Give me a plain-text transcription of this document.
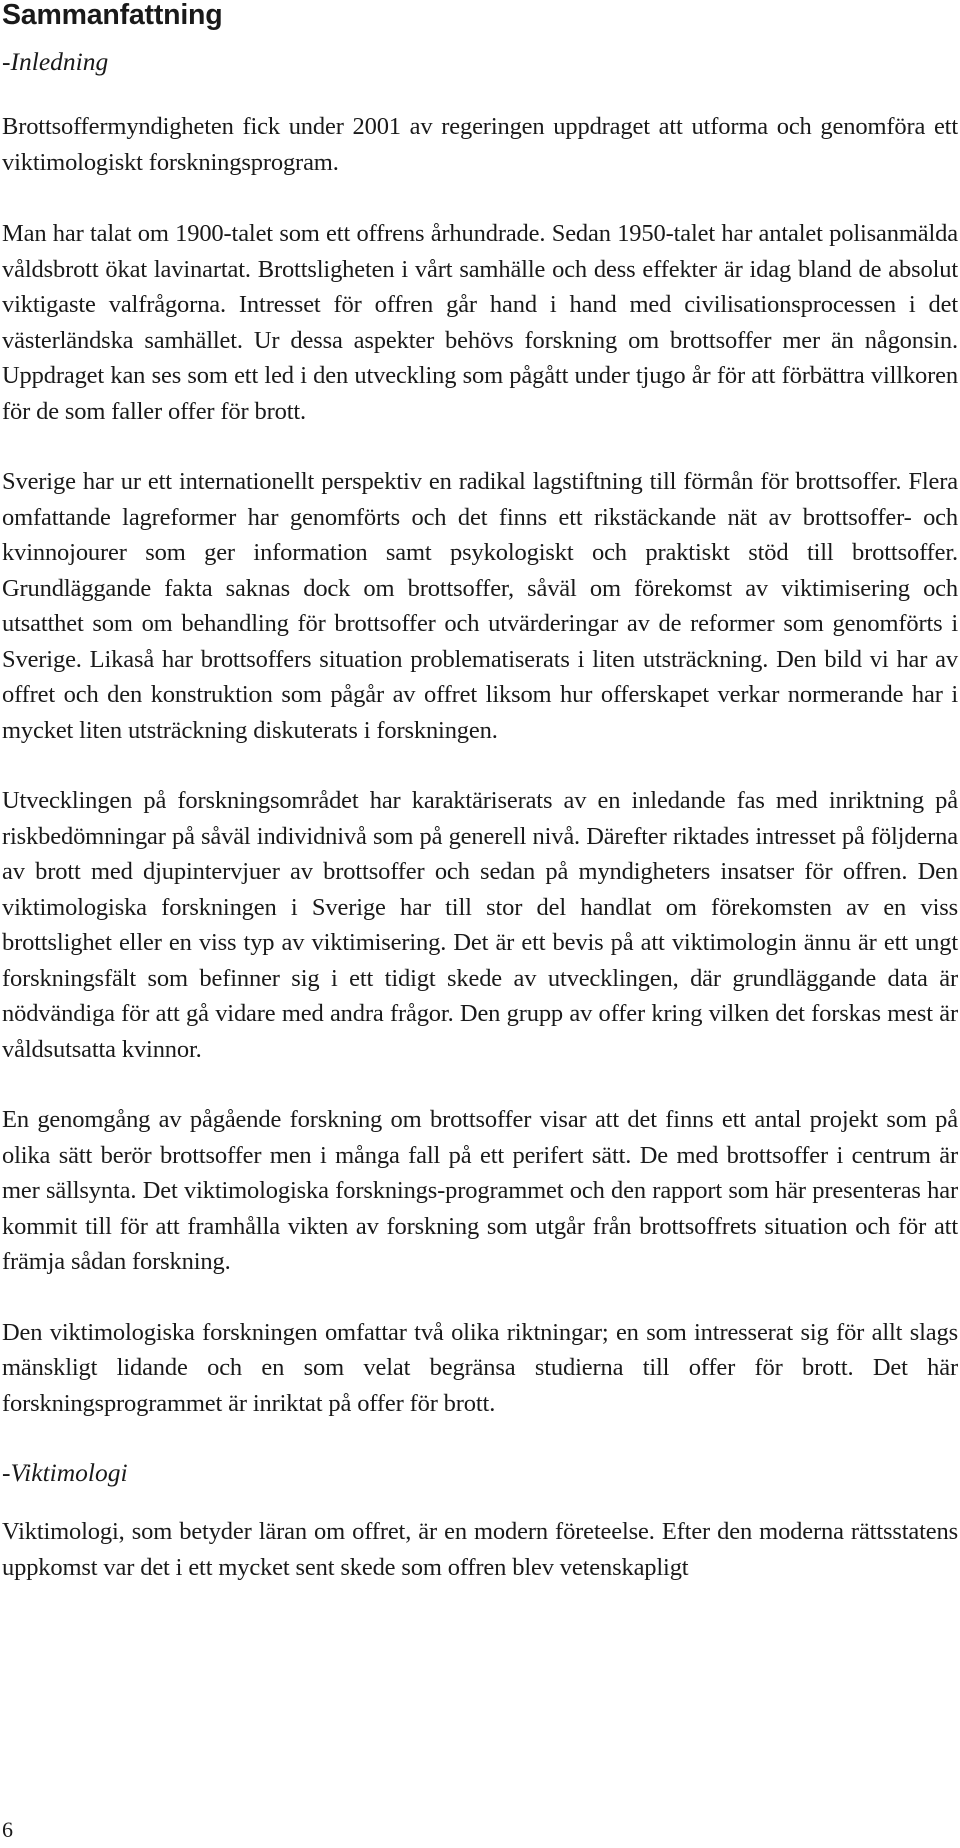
Sammanfattning
-Inledning

Brottsoffermyndigheten fick under 2001 av regeringen uppdraget att utforma och genomföra ett viktimologiskt forskningsprogram.

Man har talat om 1900-talet som ett offrens århundrade. Sedan 1950-talet har antalet polisanmälda våldsbrott ökat lavinartat. Brottsligheten i vårt samhälle och dess effekter är idag bland de absolut viktigaste valfrågorna. Intresset för offren går hand i hand med civilisationsprocessen i det västerländska samhället. Ur dessa aspekter behövs forskning om brottsoffer mer än någonsin. Uppdraget kan ses som ett led i den utveckling som pågått under tjugo år för att förbättra villkoren för de som faller offer för brott.

Sverige har ur ett internationellt perspektiv en radikal lagstiftning till förmån för brottsoffer. Flera omfattande lagreformer har genomförts och det finns ett rikstäckande nät av brottsoffer- och kvinnojourer som ger information samt psykologiskt och praktiskt stöd till brottsoffer. Grundläggande fakta saknas dock om brottsoffer, såväl om förekomst av viktimisering och utsatthet som om behandling för brottsoffer och utvärderingar av de reformer som genomförts i Sverige. Likaså har brottsoffers situation problematiserats i liten utsträckning. Den bild vi har av offret och den konstruktion som pågår av offret liksom hur offerskapet verkar normerande har i mycket liten utsträckning diskuterats i forskningen.

Utvecklingen på forskningsområdet har karaktäriserats av en inledande fas med inriktning på riskbedömningar på såväl individnivå som på generell nivå. Därefter riktades intresset på följderna av brott med djupintervjuer av brottsoffer och sedan på myndigheters insatser för offren. Den viktimologiska forskningen i Sverige har till stor del handlat om förekomsten av en viss brottslighet eller en viss typ av viktimisering. Det är ett bevis på att viktimologin ännu är ett ungt forskningsfält som befinner sig i ett tidigt skede av utvecklingen, där grundläggande data är nödvändiga för att gå vidare med andra frågor. Den grupp av offer kring vilken det forskas mest är våldsutsatta kvinnor.

En genomgång av pågående forskning om brottsoffer visar att det finns ett antal projekt som på olika sätt berör brottsoffer men i många fall på ett perifert sätt. De med brottsoffer i centrum är mer sällsynta. Det viktimologiska forsknings-programmet och den rapport som här presenteras har kommit till för att framhålla vikten av forskning som utgår från brottsoffrets situation och för att främja sådan forskning.

Den viktimologiska forskningen omfattar två olika riktningar; en som intresserat sig för allt slags mänskligt lidande och en som velat begränsa studierna till offer för brott. Det här forskningsprogrammet är inriktat på offer för brott.

-Viktimologi

Viktimologi, som betyder läran om offret, är en modern företeelse. Efter den moderna rättsstatens uppkomst var det i ett mycket sent skede som offren blev vetenskapligt

6
